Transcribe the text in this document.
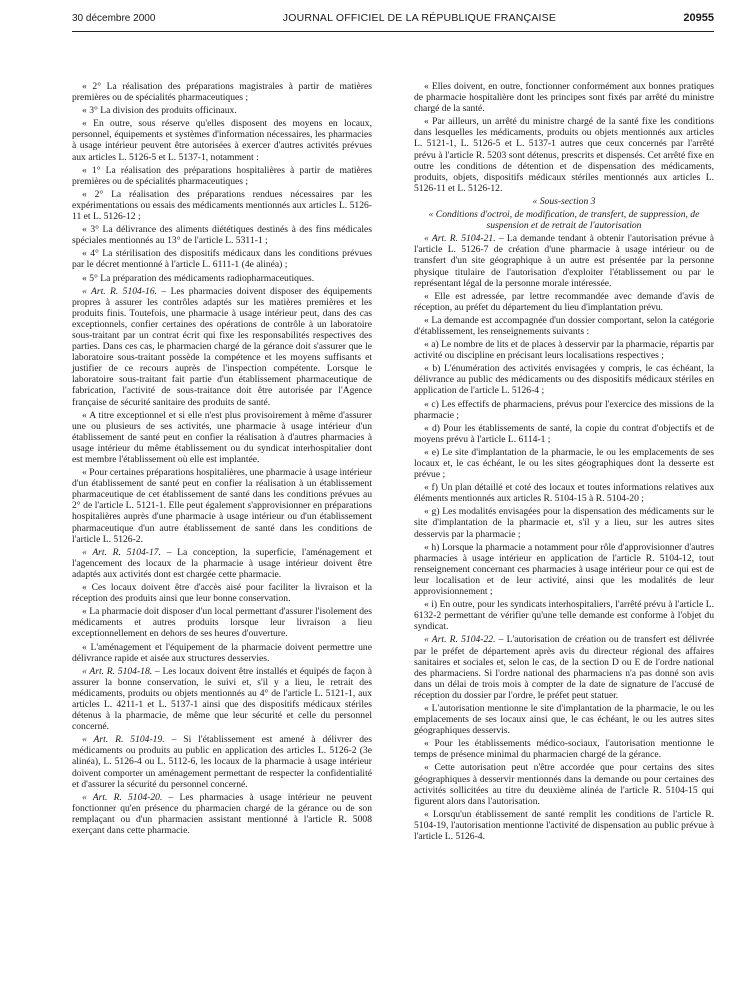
30 décembre 2000	JOURNAL OFFICIEL DE LA RÉPUBLIQUE FRANÇAISE	20955

« 2° La réalisation des préparations magistrales à partir de matières premières ou de spécialités pharmaceutiques ;

« 3° La division des produits officinaux.

« En outre, sous réserve qu'elles disposent des moyens en locaux, personnel, équipements et systèmes d'information nécessaires, les pharmacies à usage intérieur peuvent être autorisées à exercer d'autres activités prévues aux articles L. 5126-5 et L. 5137-1, notamment :

« 1° La réalisation des préparations hospitalières à partir de matières premières ou de spécialités pharmaceutiques ;

« 2° La réalisation des préparations rendues nécessaires par les expérimentations ou essais des médicaments mentionnés aux articles L. 5126-11 et L. 5126-12 ;

« 3° La délivrance des aliments diététiques destinés à des fins médicales spéciales mentionnés au 13° de l'article L. 5311-1 ;

« 4° La stérilisation des dispositifs médicaux dans les conditions prévues par le décret mentionné à l'article L. 6111-1 (4e alinéa) ;

« 5° La préparation des médicaments radiopharmaceutiques.

« Art. R. 5104-16. – Les pharmacies doivent disposer des équipements propres à assurer les contrôles adaptés sur les matières premières et les produits finis. Toutefois, une pharmacie à usage intérieur peut, dans des cas exceptionnels, confier certaines des opérations de contrôle à un laboratoire sous-traitant par un contrat écrit qui fixe les responsabilités respectives des parties. Dans ces cas, le pharmacien chargé de la gérance doit s'assurer que le laboratoire sous-traitant possède la compétence et les moyens suffisants et justifier de ce recours auprès de l'inspection compétente. Lorsque le laboratoire sous-traitant fait partie d'un établissement pharmaceutique de fabrication, l'activité de sous-traitance doit être autorisée par l'Agence française de sécurité sanitaire des produits de santé.

« A titre exceptionnel et si elle n'est plus provisoirement à même d'assurer une ou plusieurs de ses activités, une pharmacie à usage intérieur d'un établissement de santé peut en confier la réalisation à d'autres pharmacies à usage intérieur du même établissement ou du syndicat interhospitalier dont est membre l'établissement où elle est implantée.

« Pour certaines préparations hospitalières, une pharmacie à usage intérieur d'un établissement de santé peut en confier la réalisation à un établissement pharmaceutique de cet établissement de santé dans les conditions prévues au 2° de l'article L. 5121-1. Elle peut également s'approvisionner en préparations hospitalières auprès d'une pharmacie à usage intérieur ou d'un établissement pharmaceutique d'un autre établissement de santé dans les conditions de l'article L. 5126-2.

« Art. R. 5104-17. – La conception, la superficie, l'aménagement et l'agencement des locaux de la pharmacie à usage intérieur doivent être adaptés aux activités dont est chargée cette pharmacie.

« Ces locaux doivent être d'accès aisé pour faciliter la livraison et la réception des produits ainsi que leur bonne conservation.

« La pharmacie doit disposer d'un local permettant d'assurer l'isolement des médicaments et autres produits lorsque leur livraison a lieu exceptionnellement en dehors de ses heures d'ouverture.

« L'aménagement et l'équipement de la pharmacie doivent permettre une délivrance rapide et aisée aux structures desservies.

« Art. R. 5104-18. – Les locaux doivent être installés et équipés de façon à assurer la bonne conservation, le suivi et, s'il y a lieu, le retrait des médicaments, produits ou objets mentionnés au 4° de l'article L. 5121-1, aux articles L. 4211-1 et L. 5137-1 ainsi que des dispositifs médicaux stériles détenus à la pharmacie, de même que leur sécurité et celle du personnel concerné.

« Art. R. 5104-19. – Si l'établissement est amené à délivrer des médicaments ou produits au public en application des articles L. 5126-2 (3e alinéa), L. 5126-4 ou L. 5112-6, les locaux de la pharmacie à usage intérieur doivent comporter un aménagement permettant de respecter la confidentialité et d'assurer la sécurité du personnel concerné.

« Art. R. 5104-20. – Les pharmacies à usage intérieur ne peuvent fonctionner qu'en présence du pharmacien chargé de la gérance ou de son remplaçant ou d'un pharmacien assistant mentionné à l'article R. 5008 exerçant dans cette pharmacie.

« Elles doivent, en outre, fonctionner conformément aux bonnes pratiques de pharmacie hospitalière dont les principes sont fixés par arrêté du ministre chargé de la santé.

« Par ailleurs, un arrêté du ministre chargé de la santé fixe les conditions dans lesquelles les médicaments, produits ou objets mentionnés aux articles L. 5121-1, L. 5126-5 et L. 5137-1 autres que ceux concernés par l'arrêté prévu à l'article R. 5203 sont détenus, prescrits et dispensés. Cet arrêté fixe en outre les conditions de détention et de dispensation des médicaments, produits, objets, dispositifs médicaux stériles mentionnés aux articles L. 5126-11 et L. 5126-12.

« Sous-section 3
« Conditions d'octroi, de modification, de transfert, de suppression, de suspension et de retrait de l'autorisation

« Art. R. 5104-21. – La demande tendant à obtenir l'autorisation prévue à l'article L. 5126-7 de création d'une pharmacie à usage intérieur ou de transfert d'un site géographique à un autre est présentée par la personne physique titulaire de l'autorisation d'exploiter l'établissement ou par le représentant légal de la personne morale intéressée.

« Elle est adressée, par lettre recommandée avec demande d'avis de réception, au préfet du département du lieu d'implantation prévu.

« La demande est accompagnée d'un dossier comportant, selon la catégorie d'établissement, les renseignements suivants :

« a) Le nombre de lits et de places à desservir par la pharmacie, répartis par activité ou discipline en précisant leurs localisations respectives ;

« b) L'énumération des activités envisagées y compris, le cas échéant, la délivrance au public des médicaments ou des dispositifs médicaux stériles en application de l'article L. 5126-4 ;

« c) Les effectifs de pharmaciens, prévus pour l'exercice des missions de la pharmacie ;

« d) Pour les établissements de santé, la copie du contrat d'objectifs et de moyens prévu à l'article L. 6114-1 ;

« e) Le site d'implantation de la pharmacie, le ou les emplacements de ses locaux et, le cas échéant, le ou les sites géographiques dont la desserte est prévue ;

« f) Un plan détaillé et coté des locaux et toutes informations relatives aux éléments mentionnés aux articles R. 5104-15 à R. 5104-20 ;

« g) Les modalités envisagées pour la dispensation des médicaments sur le site d'implantation de la pharmacie et, s'il y a lieu, sur les autres sites desservis par la pharmacie ;

« h) Lorsque la pharmacie a notamment pour rôle d'approvisionner d'autres pharmacies à usage intérieur en application de l'article R. 5104-12, tout renseignement concernant ces pharmacies à usage intérieur pour ce qui est de leur localisation et de leur activité, ainsi que les modalités de leur approvisionnement ;

« i) En outre, pour les syndicats interhospitaliers, l'arrêté prévu à l'article L. 6132-2 permettant de vérifier qu'une telle demande est conforme à l'objet du syndicat.

« Art. R. 5104-22. – L'autorisation de création ou de transfert est délivrée par le préfet de département après avis du directeur régional des affaires sanitaires et sociales et, selon le cas, de la section D ou E de l'ordre national des pharmaciens. Si l'ordre national des pharmaciens n'a pas donné son avis dans un délai de trois mois à compter de la date de signature de l'accusé de réception du dossier par l'ordre, le préfet peut statuer.

« L'autorisation mentionne le site d'implantation de la pharmacie, le ou les emplacements de ses locaux ainsi que, le cas échéant, le ou les autres sites géographiques desservis.

« Pour les établissements médico-sociaux, l'autorisation mentionne le temps de présence minimal du pharmacien chargé de la gérance.

« Cette autorisation peut n'être accordée que pour certains des sites géographiques à desservir mentionnés dans la demande ou pour certaines des activités sollicitées au titre du deuxième alinéa de l'article R. 5104-15 qui figurent alors dans l'autorisation.

« Lorsqu'un établissement de santé remplit les conditions de l'article R. 5104-19, l'autorisation mentionne l'activité de dispensation au public prévue à l'article L. 5126-4.
